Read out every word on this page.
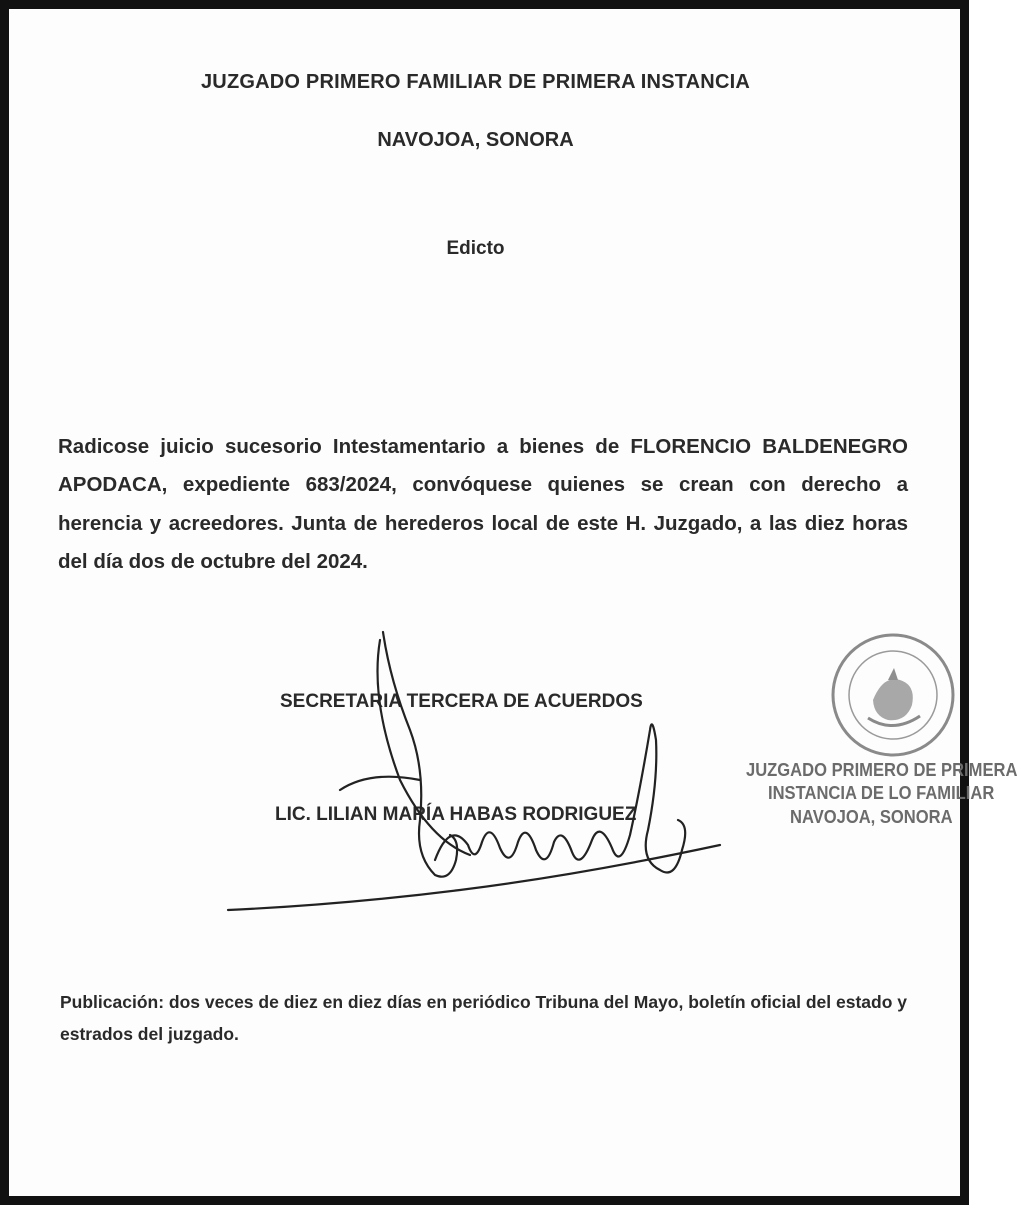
JUZGADO PRIMERO FAMILIAR DE PRIMERA INSTANCIA
NAVOJOA, SONORA
Edicto

Radicose juicio sucesorio Intestamentario a bienes de FLORENCIO BALDENEGRO APODACA, expediente 683/2024, convóquese quienes se crean con derecho a herencia y acreedores. Junta de herederos local de este H. Juzgado, a las diez horas del día dos de octubre del 2024.

JUZGADO PRIMERO DE PRIMERA
INSTANCIA DE LO FAMILIAR
NAVOJOA, SONORA
SECRETARIA TERCERA DE ACUERDOS
LIC. LILIAN MARÍA HABAS RODRIGUEZ

Publicación: dos veces de diez en diez días en periódico Tribuna del Mayo, boletín oficial del estado y estrados del juzgado.
